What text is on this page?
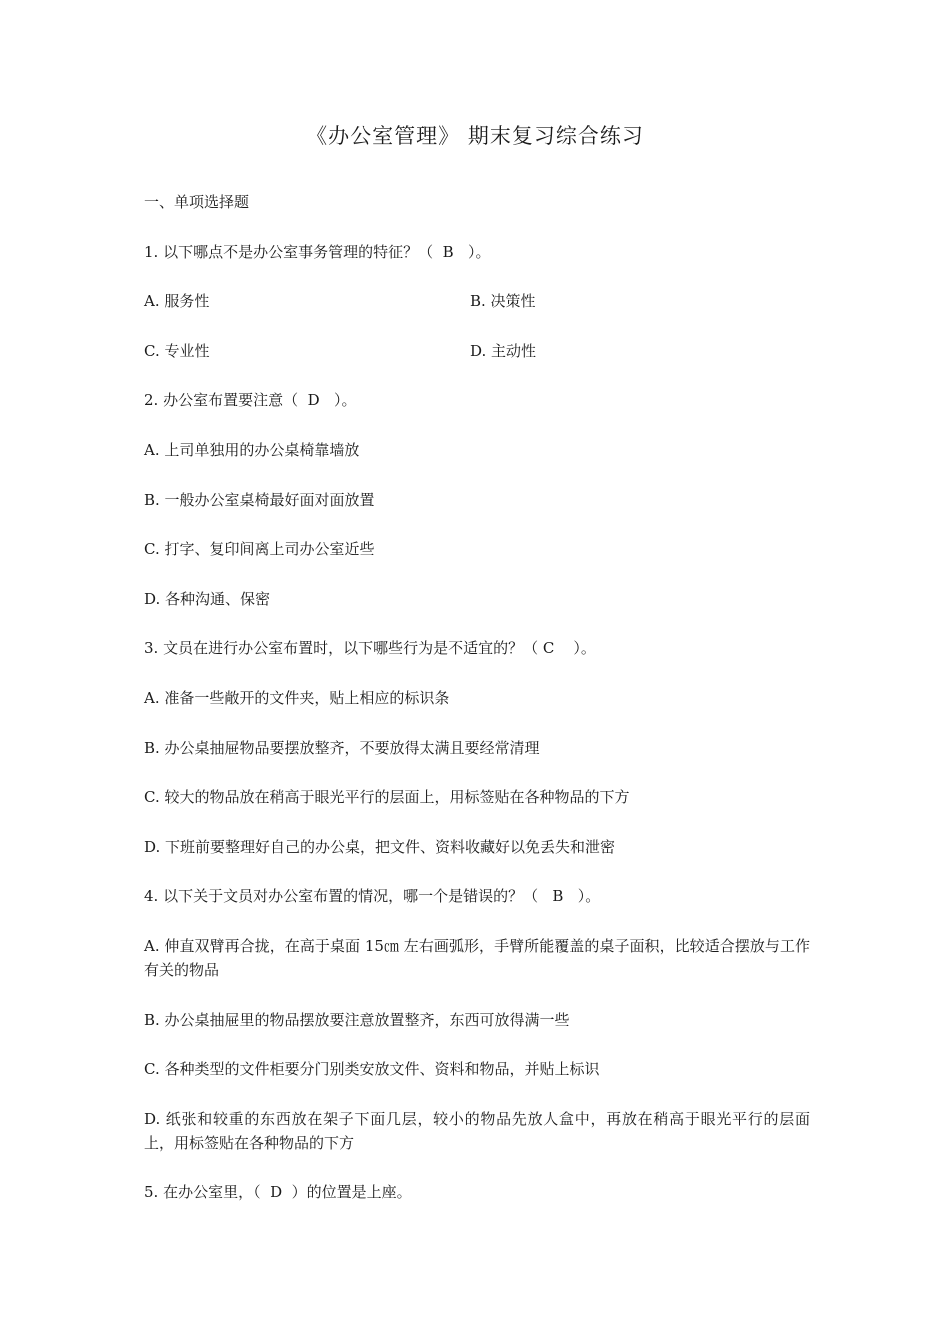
《办公室管理》 期末复习综合练习
一、单项选择题
1. 以下哪点不是办公室事务管理的特征？（  B   ）。
A. 服务性	B. 决策性
C. 专业性	D. 主动性
2. 办公室布置要注意（  D   ）。
A. 上司单独用的办公桌椅靠墙放
B. 一般办公室桌椅最好面对面放置
C. 打字、复印间离上司办公室近些
D. 各种沟通、保密
3. 文员在进行办公室布置时，以下哪些行为是不适宜的？（ C    ）。
A. 准备一些敞开的文件夹，贴上相应的标识条
B. 办公桌抽屉物品要摆放整齐，不要放得太满且要经常清理
C. 较大的物品放在稍高于眼光平行的层面上，用标签贴在各种物品的下方
D. 下班前要整理好自己的办公桌，把文件、资料收藏好以免丢失和泄密
4. 以下关于文员对办公室布置的情况，哪一个是错误的？（   B   ）。
A. 伸直双臂再合拢，在高于桌面 15㎝ 左右画弧形，手臂所能覆盖的桌子面积，比较适合摆放与工作有关的物品
B. 办公桌抽屉里的物品摆放要注意放置整齐，东西可放得满一些
C. 各种类型的文件柜要分门别类安放文件、资料和物品，并贴上标识
D. 纸张和较重的东西放在架子下面几层，较小的物品先放人盒中，再放在稍高于眼光平行的层面上，用标签贴在各种物品的下方
5. 在办公室里，（  D  ）的位置是上座。
